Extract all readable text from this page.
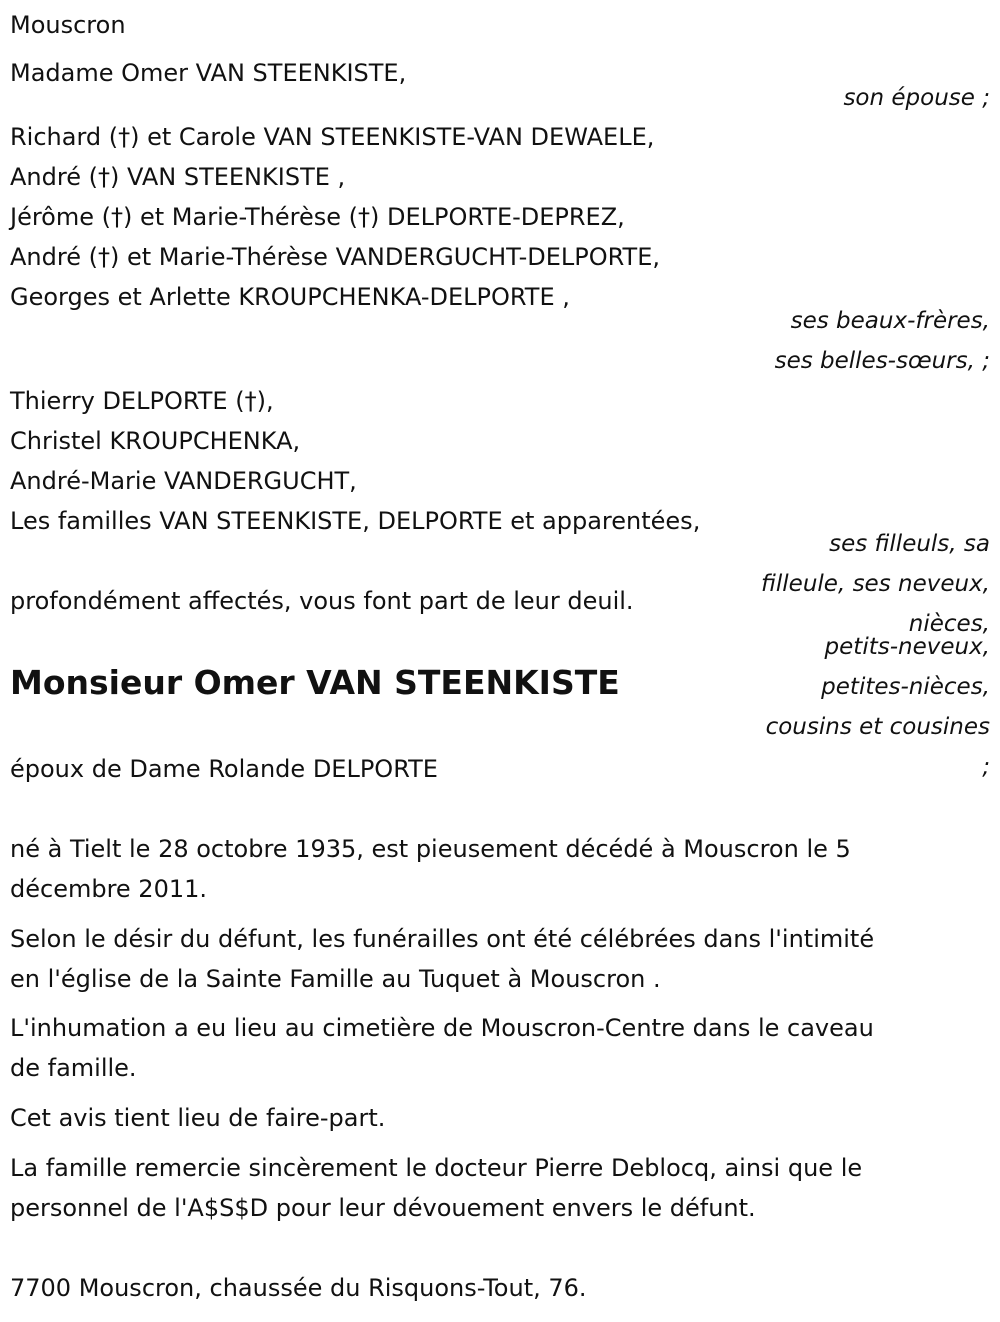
Mouscron
Madame Omer VAN STEENKISTE,
son épouse ;
Richard (†) et Carole VAN STEENKISTE-VAN DEWAELE,
André (†) VAN STEENKISTE ,
Jérôme (†) et Marie-Thérèse (†) DELPORTE-DEPREZ,
André (†) et Marie-Thérèse VANDERGUCHT-DELPORTE,
Georges et Arlette KROUPCHENKA-DELPORTE ,
ses beaux-frères,
ses belles-sœurs, ;
Thierry DELPORTE (†),
Christel KROUPCHENKA,
André-Marie VANDERGUCHT,
Les familles VAN STEENKISTE, DELPORTE et apparentées,
ses filleuls, sa
filleule, ses neveux,
nièces,
petits-neveux,
petites-nièces,
cousins et cousines
;
profondément affectés, vous font part de leur deuil.
Monsieur Omer VAN STEENKISTE
époux de Dame Rolande DELPORTE
né à Tielt le 28 octobre 1935, est pieusement décédé à Mouscron le 5
décembre 2011.
Selon le désir du défunt, les funérailles ont été célébrées dans l'intimité
en l'église de la Sainte Famille au Tuquet à Mouscron .
L'inhumation a eu lieu au cimetière de Mouscron-Centre dans le caveau
de famille.
Cet avis tient lieu de faire-part.
La famille remercie sincèrement le docteur Pierre Deblocq, ainsi que le
personnel de l'A$S$D pour leur dévouement envers le défunt.
7700 Mouscron, chaussée du Risquons-Tout, 76.
